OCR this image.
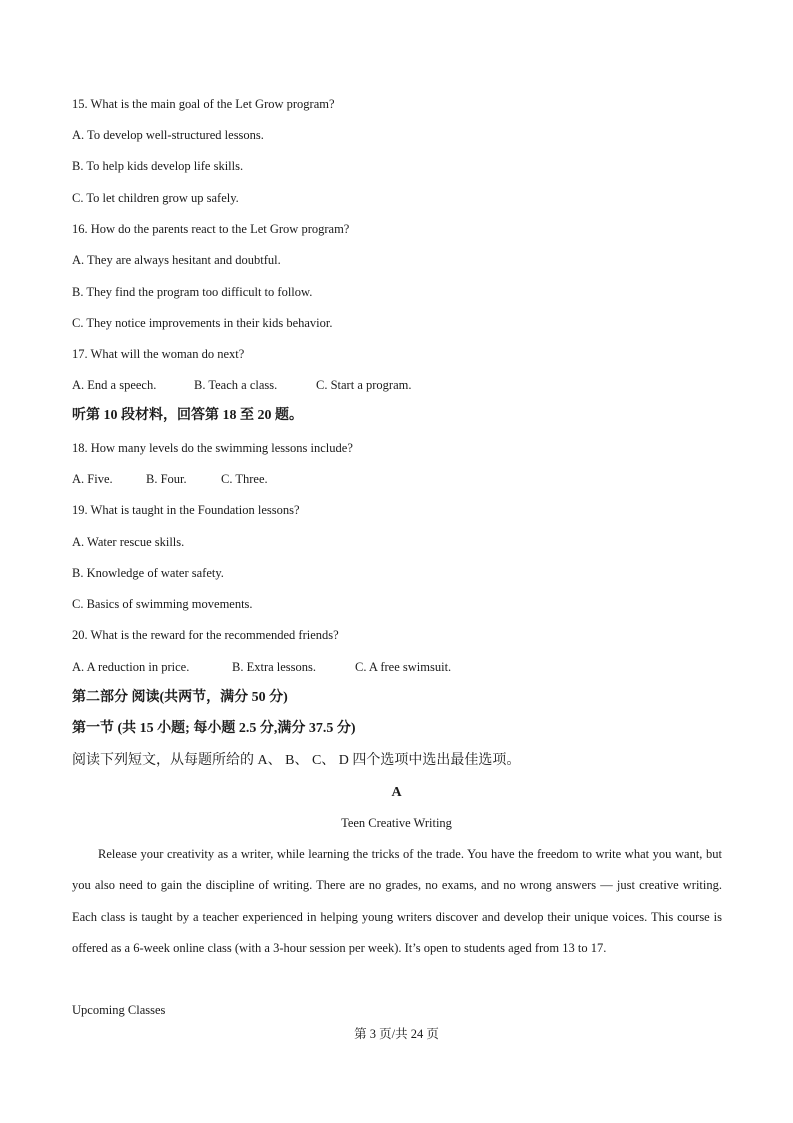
15. What is the main goal of the Let Grow program?
A. To develop well-structured lessons.
B. To help kids develop life skills.
C. To let children grow up safely.
16. How do the parents react to the Let Grow program?
A. They are always hesitant and doubtful.
B. They find the program too difficult to follow.
C. They notice improvements in their kids behavior.
17. What will the woman do next?
A. End a speech.	B. Teach a class.	C. Start a program.
听第 10 段材料，回答第 18 至 20 题。
18. How many levels do the swimming lessons include?
A. Five.	B. Four.	C. Three.
19. What is taught in the Foundation lessons?
A. Water rescue skills.
B. Knowledge of water safety.
C. Basics of swimming movements.
20. What is the reward for the recommended friends?
A. A reduction in price.	B. Extra lessons.	C. A free swimsuit.
第二部分 阅读(共两节，满分 50 分)
第一节 (共 15 小题; 每小题 2.5 分,满分 37.5 分)
阅读下列短文，从每题所给的 A、 B、 C、 D 四个选项中选出最佳选项。
A
Teen Creative Writing
Release your creativity as a writer, while learning the tricks of the trade. You have the freedom to write what you want, but you also need to gain the discipline of writing. There are no grades, no exams, and no wrong answers — just creative writing. Each class is taught by a teacher experienced in helping young writers discover and develop their unique voices. This course is offered as a 6-week online class (with a 3-hour session per week). It’s open to students aged from 13 to 17.
Upcoming Classes
第 3 页/共 24 页
